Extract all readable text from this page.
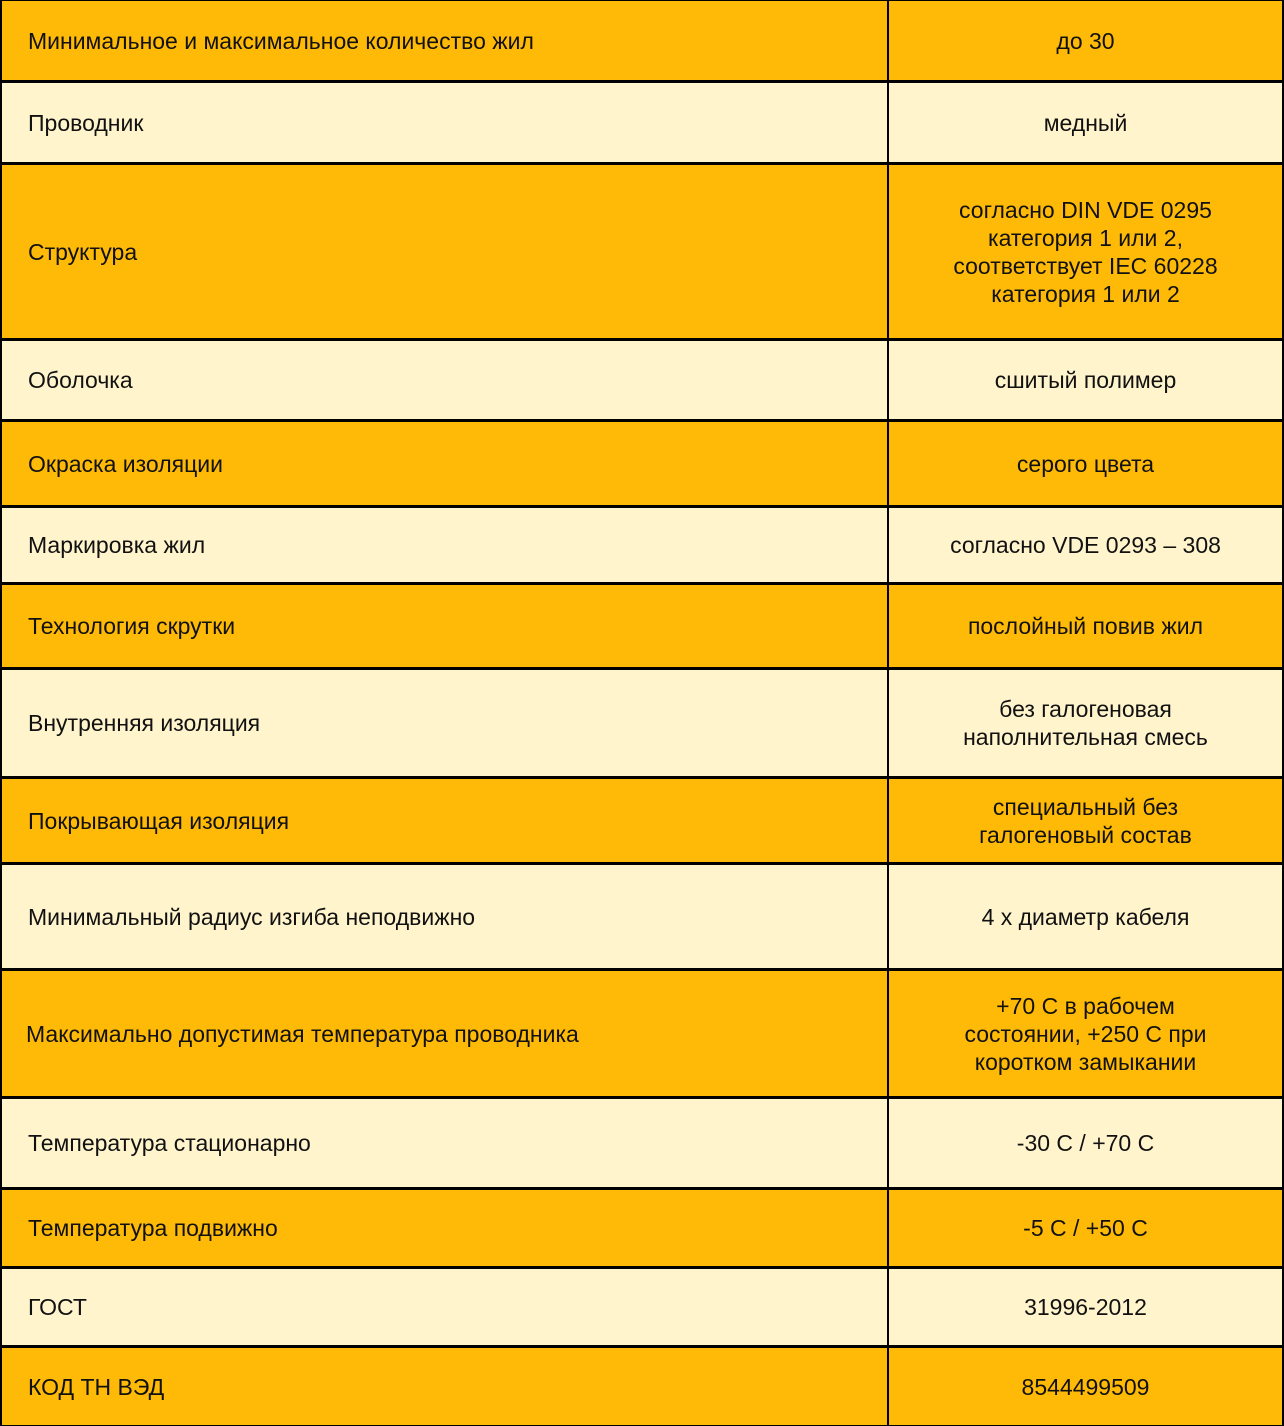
Минимальное и максимальное количество жил	до 30

Проводник	медный

Структура	согласно DIN VDE 0295
категория 1 или 2,
соответствует IEC 60228
категория 1 или 2

Оболочка	сшитый полимер

Окраска изоляции	серого цвета

Маркировка жил	согласно VDE 0293 – 308

Технология скрутки	послойный повив жил

Внутренняя изоляция	без галогеновая
наполнительная смесь

Покрывающая изоляция	специальный без
галогеновый состав

Минимальный радиус изгиба неподвижно	4 х диаметр кабеля

Максимально допустимая температура проводника	+70 С в рабочем
состоянии, +250 С при
коротком замыкании

Температура стационарно	-30 С / +70 С

Температура подвижно	-5 С / +50 С

ГОСТ	31996-2012

КОД ТН ВЭД	8544499509
